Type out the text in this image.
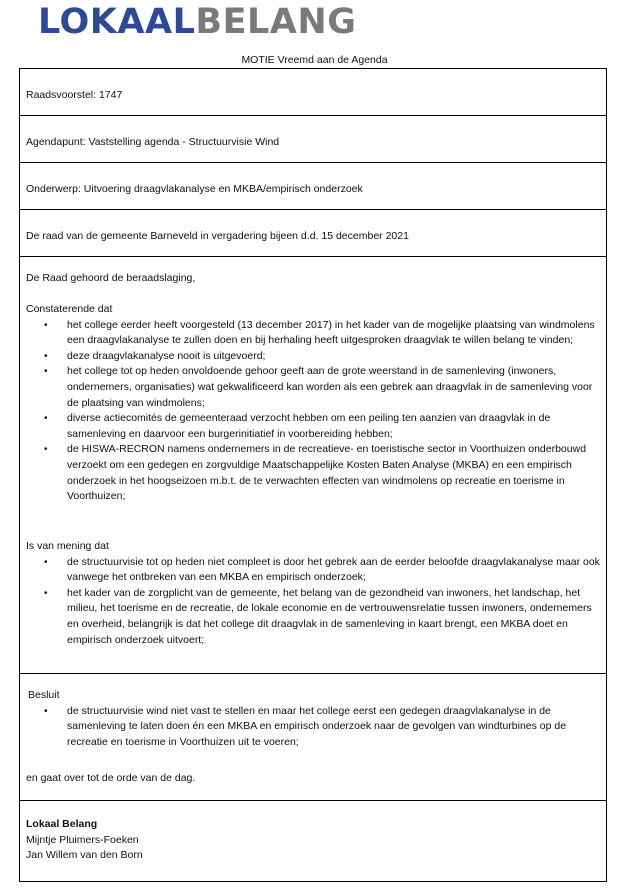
LOKAALBELANG
MOTIE Vreemd aan de Agenda
Raadsvoorstel: 1747
Agendapunt: Vaststelling agenda - Structuurvisie Wind
Onderwerp: Uitvoering draagvlakanalyse en MKBA/empirisch onderzoek
De raad van de gemeente Barneveld in vergadering bijeen d.d. 15 december 2021
De Raad gehoord de beraadslaging,
Constaterende dat
• het college eerder heeft voorgesteld (13 december 2017) in het kader van de mogelijke plaatsing van windmolens een draagvlakanalyse te zullen doen en bij herhaling heeft uitgesproken draagvlak te willen belang te vinden;
• deze draagvlakanalyse nooit is uitgevoerd;
• het college tot op heden onvoldoende gehoor geeft aan de grote weerstand in de samenleving (inwoners, ondernemers, organisaties) wat gekwalificeerd kan worden als een gebrek aan draagvlak in de samenleving voor de plaatsing van windmolens;
• diverse actiecomités de gemeenteraad verzocht hebben om een peiling ten aanzien van draagvlak in de samenleving en daarvoor een burgerinitiatief in voorbereiding hebben;
• de HISWA-RECRON namens ondernemers in de recreatieve- en toeristische sector in Voorthuizen onderbouwd verzoekt om een gedegen en zorgvuldige Maatschappelijke Kosten Baten Analyse (MKBA) en een empirisch onderzoek in het hoogseizoen m.b.t. de te verwachten effecten van windmolens op recreatie en toerisme in Voorthuizen;
Is van mening dat
• de structuurvisie tot op heden niet compleet is door het gebrek aan de eerder beloofde draagvlakanalyse maar ook vanwege het ontbreken van een MKBA en empirisch onderzoek;
• het kader van de zorgplicht van de gemeente, het belang van de gezondheid van inwoners, het landschap, het milieu, het toerisme en de recreatie, de lokale economie en de vertrouwensrelatie tussen inwoners, ondernemers en overheid, belangrijk is dat het college dit draagvlak in de samenleving in kaart brengt, een MKBA doet en empirisch onderzoek uitvoert;
Besluit
• de structuurvisie wind niet vast te stellen en maar het college eerst een gedegen draagvlakanalyse in de samenleving te laten doen én een MKBA en empirisch onderzoek naar de gevolgen van windturbines op de recreatie en toerisme in Voorthuizen uit te voeren;
en gaat over tot de orde van de dag.
Lokaal Belang
Mijntje Pluimers-Foeken
Jan Willem van den Born
